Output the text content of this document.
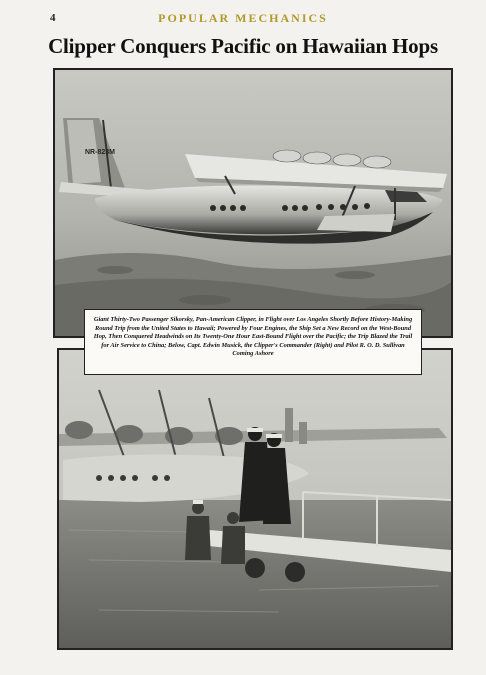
4	POPULAR MECHANICS
Clipper Conquers Pacific on Hawaiian Hops
NR-823M
Giant Thirty-Two Passenger Sikorsky, Pan-American Clipper, in Flight over Los Angeles Shortly Before History-Making Round Trip from the United States to Hawaii; Powered by Four Engines, the Ship Set a New Record on the West-Bound Hop, Then Conquered Headwinds on Its Twenty-One Hour East-Bound Flight over the Pacific; the Trip Blazed the Trail for Air Service to China; Below, Capt. Edwin Musick, the Clipper's Commander (Right) and Pilot R. O. D. Sullivan Coming Ashore
